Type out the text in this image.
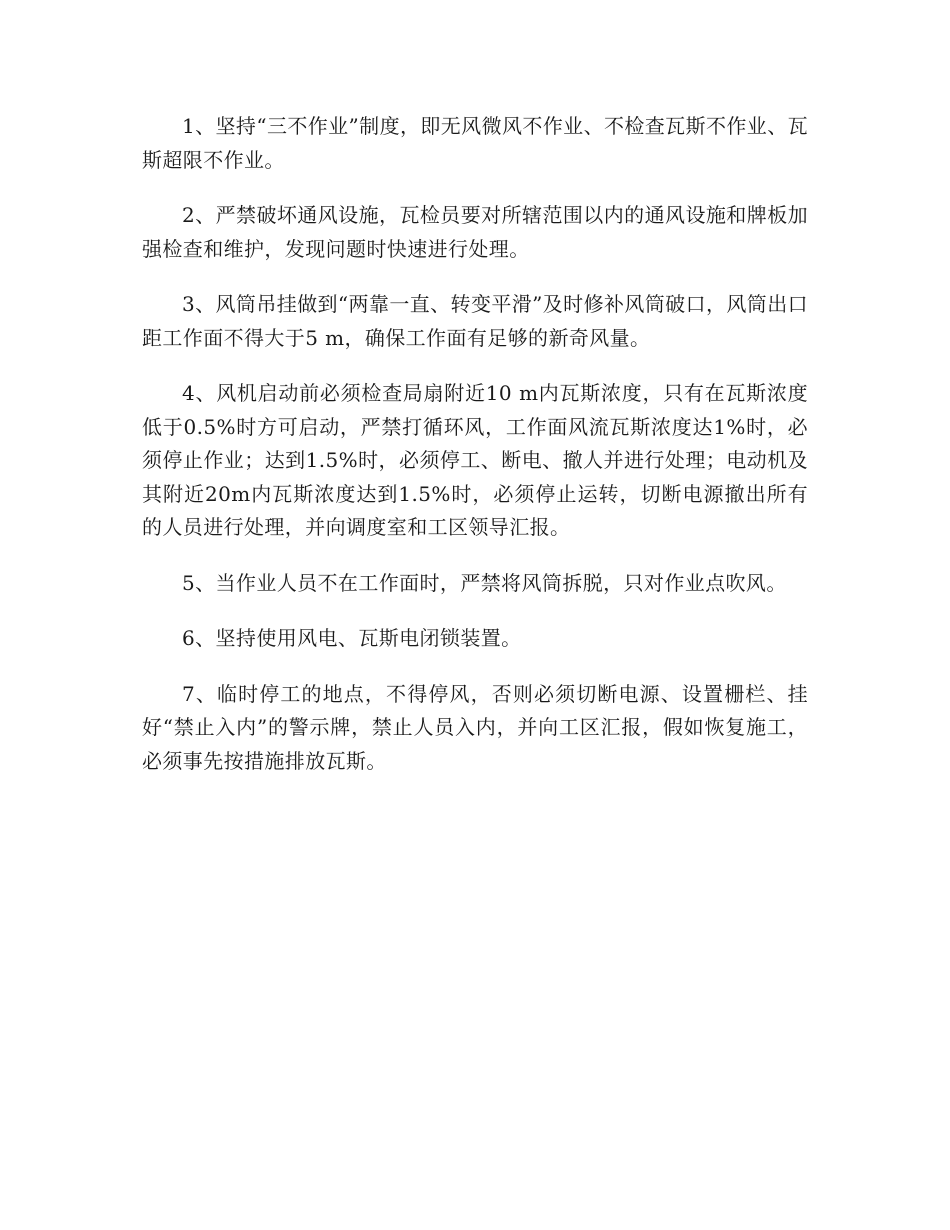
1、坚持“三不作业”制度，即无风微风不作业、不检查瓦斯不作业、瓦斯超限不作业。

2、严禁破坏通风设施，瓦检员要对所辖范围以内的通风设施和牌板加强检查和维护，发现问题时快速进行处理。

3、风筒吊挂做到“两靠一直、转变平滑”及时修补风筒破口，风筒出口距工作面不得大于5 m，确保工作面有足够的新奇风量。

4、风机启动前必须检查局扇附近10 m内瓦斯浓度，只有在瓦斯浓度低于0.5%时方可启动，严禁打循环风，工作面风流瓦斯浓度达1%时，必须停止作业；达到1.5%时，必须停工、断电、撤人并进行处理；电动机及其附近20m内瓦斯浓度达到1.5%时，必须停止运转，切断电源撤出所有的人员进行处理，并向调度室和工区领导汇报。

5、当作业人员不在工作面时，严禁将风筒拆脱，只对作业点吹风。

6、坚持使用风电、瓦斯电闭锁装置。

7、临时停工的地点，不得停风，否则必须切断电源、设置栅栏、挂好“禁止入内”的警示牌，禁止人员入内，并向工区汇报，假如恢复施工，必须事先按措施排放瓦斯。
